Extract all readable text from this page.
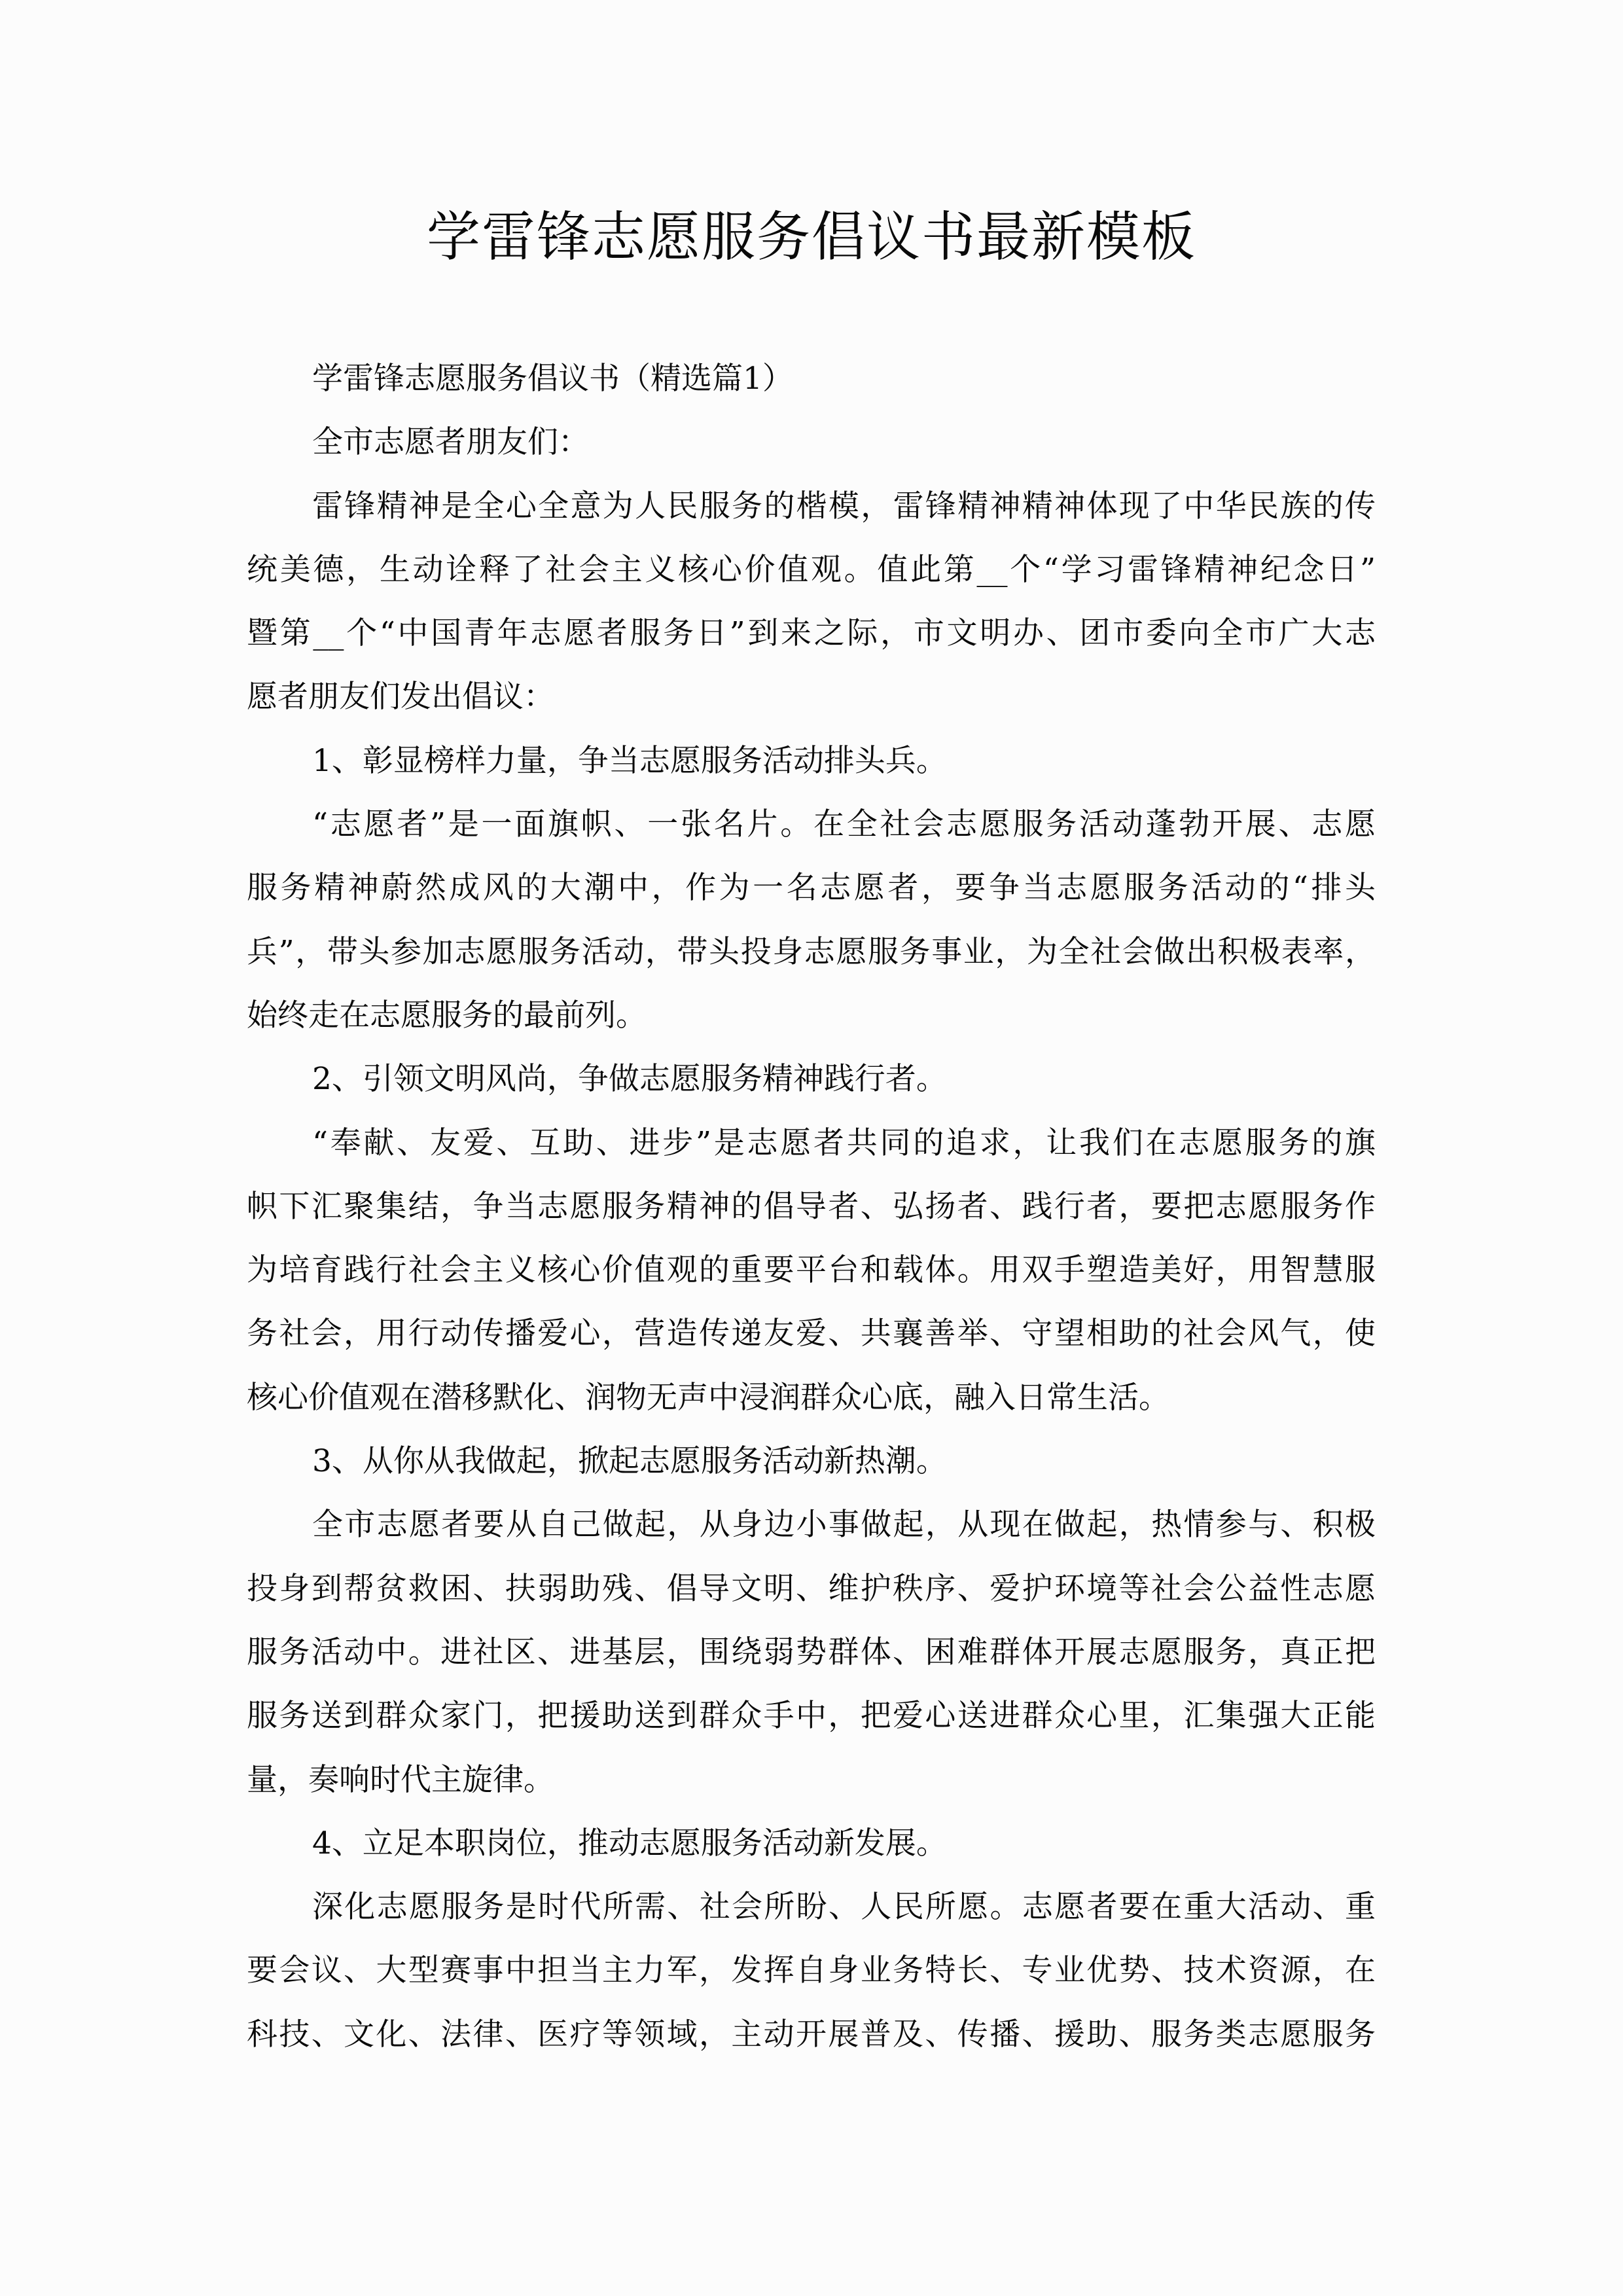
学雷锋志愿服务倡议书最新模板
学雷锋志愿服务倡议书（精选篇1）
全市志愿者朋友们：
雷锋精神是全心全意为人民服务的楷模，雷锋精神精神体现了中华民族的传
统美德，生动诠释了社会主义核心价值观。值此第__个“学习雷锋精神纪念日”
暨第__个“中国青年志愿者服务日”到来之际，市文明办、团市委向全市广大志
愿者朋友们发出倡议：
1、彰显榜样力量，争当志愿服务活动排头兵。
“志愿者”是一面旗帜、一张名片。在全社会志愿服务活动蓬勃开展、志愿
服务精神蔚然成风的大潮中，作为一名志愿者，要争当志愿服务活动的“排头
兵”，带头参加志愿服务活动，带头投身志愿服务事业，为全社会做出积极表率，
始终走在志愿服务的最前列。
2、引领文明风尚，争做志愿服务精神践行者。
“奉献、友爱、互助、进步”是志愿者共同的追求，让我们在志愿服务的旗
帜下汇聚集结，争当志愿服务精神的倡导者、弘扬者、践行者，要把志愿服务作
为培育践行社会主义核心价值观的重要平台和载体。用双手塑造美好，用智慧服
务社会，用行动传播爱心，营造传递友爱、共襄善举、守望相助的社会风气，使
核心价值观在潜移默化、润物无声中浸润群众心底，融入日常生活。
3、从你从我做起，掀起志愿服务活动新热潮。
全市志愿者要从自己做起，从身边小事做起，从现在做起，热情参与、积极
投身到帮贫救困、扶弱助残、倡导文明、维护秩序、爱护环境等社会公益性志愿
服务活动中。进社区、进基层，围绕弱势群体、困难群体开展志愿服务，真正把
服务送到群众家门，把援助送到群众手中，把爱心送进群众心里，汇集强大正能
量，奏响时代主旋律。
4、立足本职岗位，推动志愿服务活动新发展。
深化志愿服务是时代所需、社会所盼、人民所愿。志愿者要在重大活动、重
要会议、大型赛事中担当主力军，发挥自身业务特长、专业优势、技术资源，在
科技、文化、法律、医疗等领域，主动开展普及、传播、援助、服务类志愿服务
